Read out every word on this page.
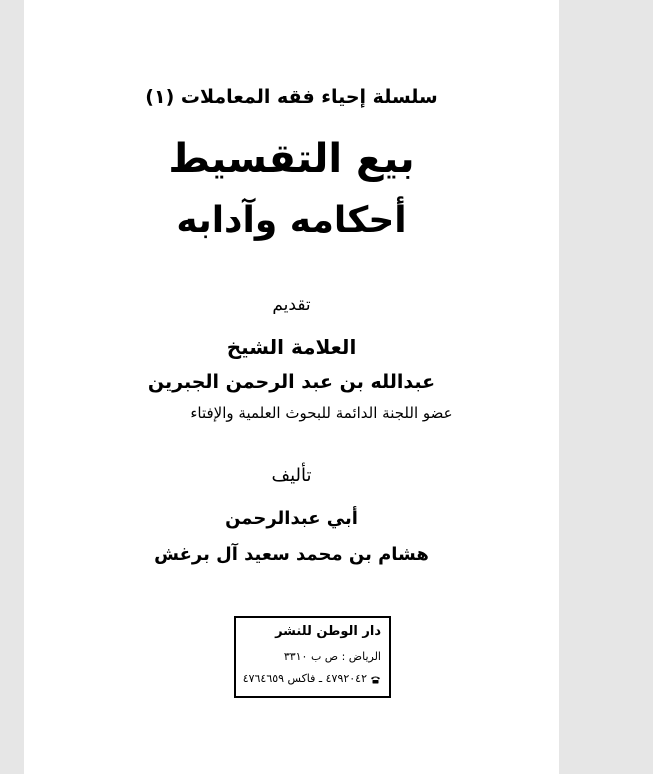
سلسلة إحياء فقه المعاملات (١)
بيع التقسيط
أحكامه وآدابه
تقديم
العلامة الشيخ
عبدالله بن عبد الرحمن الجبرين
عضو اللجنة الدائمة للبحوث العلمية والإفتاء
تأليف
أبي عبدالرحمن
هشام بن محمد سعيد آل برغش
دار الوطن للنشر
الرياض : ص ب ٣٣١٠
٤٧٩٢٠٤٢ ـ فاكس ٤٧٦٤٦٥٩
